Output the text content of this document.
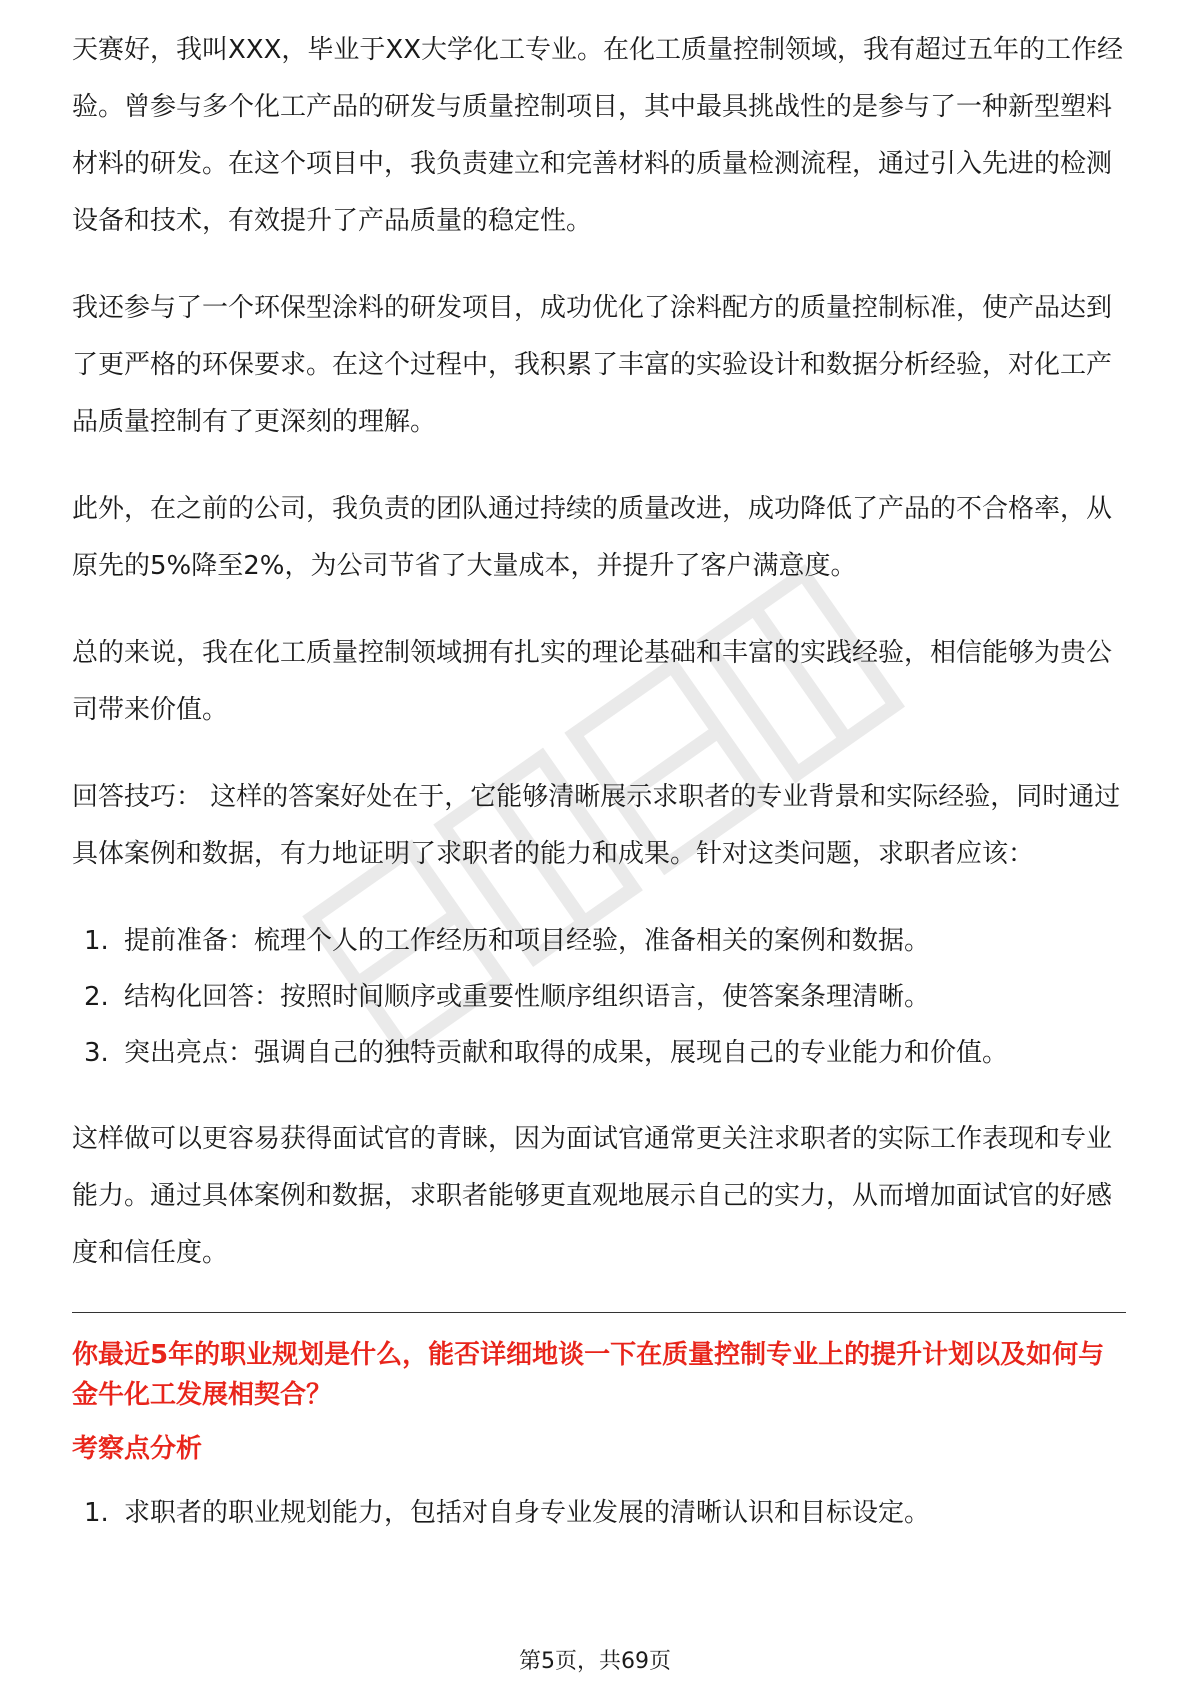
天赛好，我叫XXX，毕业于XX大学化工专业。在化工质量控制领域，我有超过五年的工作经验。曾参与多个化工产品的研发与质量控制项目，其中最具挑战性的是参与了一种新型塑料材料的研发。在这个项目中，我负责建立和完善材料的质量检测流程，通过引入先进的检测设备和技术，有效提升了产品质量的稳定性。

我还参与了一个环保型涂料的研发项目，成功优化了涂料配方的质量控制标准，使产品达到了更严格的环保要求。在这个过程中，我积累了丰富的实验设计和数据分析经验，对化工产品质量控制有了更深刻的理解。

此外，在之前的公司，我负责的团队通过持续的质量改进，成功降低了产品的不合格率，从原先的5%降至2%，为公司节省了大量成本，并提升了客户满意度。

总的来说，我在化工质量控制领域拥有扎实的理论基础和丰富的实践经验，相信能够为贵公司带来价值。

回答技巧： 这样的答案好处在于，它能够清晰展示求职者的专业背景和实际经验，同时通过具体案例和数据，有力地证明了求职者的能力和成果。针对这类问题，求职者应该：

1. 提前准备：梳理个人的工作经历和项目经验，准备相关的案例和数据。
2. 结构化回答：按照时间顺序或重要性顺序组织语言，使答案条理清晰。
3. 突出亮点：强调自己的独特贡献和取得的成果，展现自己的专业能力和价值。

这样做可以更容易获得面试官的青睐，因为面试官通常更关注求职者的实际工作表现和专业能力。通过具体案例和数据，求职者能够更直观地展示自己的实力，从而增加面试官的好感度和信任度。

你最近5年的职业规划是什么，能否详细地谈一下在质量控制专业上的提升计划以及如何与金牛化工发展相契合？

考察点分析

1. 求职者的职业规划能力，包括对自身专业发展的清晰认识和目标设定。
第5页，共69页
